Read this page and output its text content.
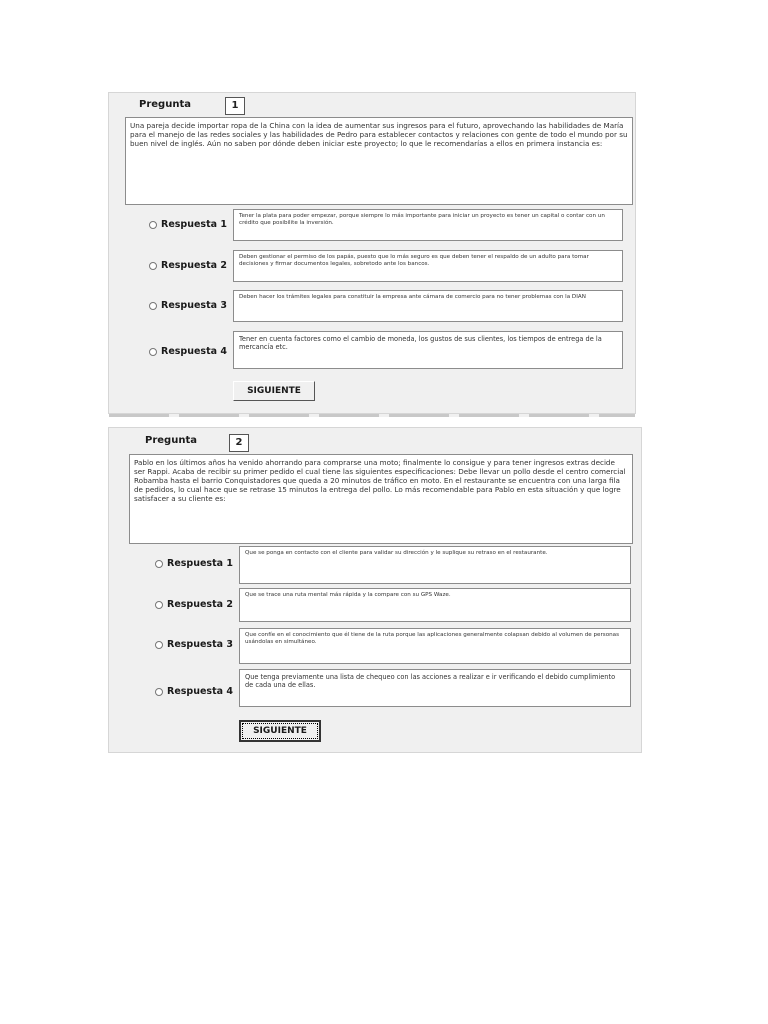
Pregunta	1
Una pareja decide importar ropa de la China con la idea de aumentar sus ingresos para el futuro, aprovechando las habilidades de María para el manejo de las redes sociales y las habilidades de Pedro para establecer contactos y relaciones con gente de todo el mundo por su buen nivel de inglés. Aún no saben por dónde deben iniciar este proyecto; lo que le recomendarías a ellos en primera instancia es:
Respuesta 1
Tener la plata para poder empezar, porque siempre lo más importante para iniciar un proyecto es tener un capital o contar con un crédito que posibilite la inversión.
Respuesta 2
Deben gestionar el permiso de los papás, puesto que lo más seguro es que deben tener el respaldo de un adulto para tomar decisiones y firmar documentos legales, sobretodo ante los bancos.
Respuesta 3
Deben hacer los trámites legales para constituir la empresa ante cámara de comercio para no tener problemas con la DIAN
Respuesta 4
Tener en cuenta factores como el cambio de moneda, los gustos de sus clientes, los tiempos de entrega de la mercancía etc.
SIGUIENTE
Pregunta	2
Pablo en los últimos años ha venido ahorrando para comprarse una moto; finalmente lo consigue y para tener ingresos extras decide ser Rappi. Acaba de recibir su primer pedido el cual tiene las siguientes especificaciones: Debe llevar un pollo desde el centro comercial Robamba hasta el barrio Conquistadores que queda a 20 minutos de tráfico en moto. En el restaurante se encuentra con una larga fila de pedidos, lo cual hace que se retrase 15 minutos la entrega del pollo. Lo más recomendable para Pablo en esta situación y que logre satisfacer a su cliente es:
Respuesta 1
Que se ponga en contacto con el cliente para validar su dirección y le suplique su retraso en el restaurante.
Respuesta 2
Que se trace una ruta mental más rápida y la compare con su GPS Waze.
Respuesta 3
Que confíe en el conocimiento que él tiene de la ruta porque las aplicaciones generalmente colapsan debido al volumen de personas usándolas en simultáneo.
Respuesta 4
Que tenga previamente una lista de chequeo con las acciones a realizar e ir verificando el debido cumplimiento de cada una de ellas.
SIGUIENTE
